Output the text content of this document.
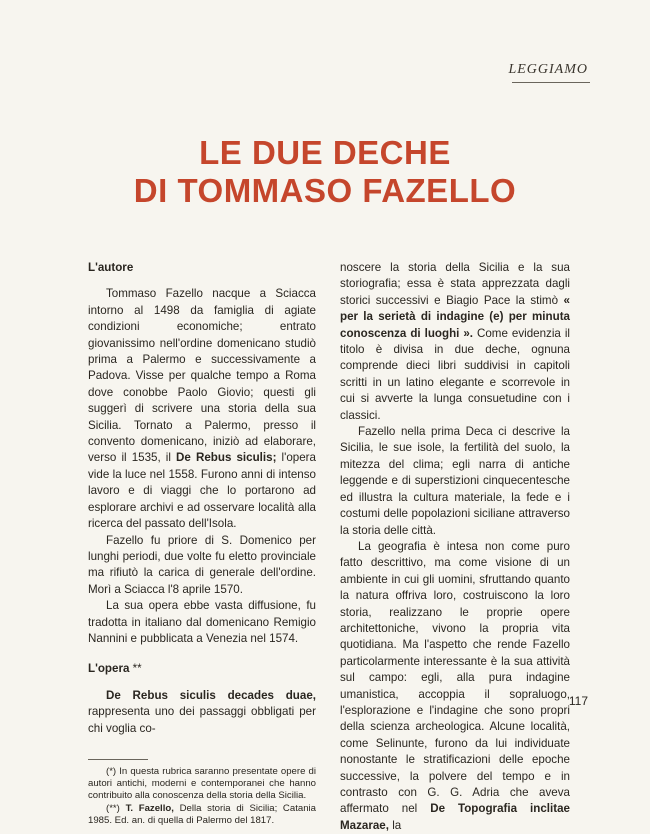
LEGGIAMO
LE DUE DECHE
DI TOMMASO FAZELLO
L'autore

Tommaso Fazello nacque a Sciacca intorno al 1498 da famiglia di agiate condizioni economiche; entrato giovanissimo nell'ordine domenicano studiò prima a Palermo e successivamente a Padova. Visse per qualche tempo a Roma dove conobbe Paolo Giovio; questi gli suggerì di scrivere una storia della sua Sicilia. Tornato a Palermo, presso il convento domenicano, iniziò ad elaborare, verso il 1535, il De Rebus siculis; l'opera vide la luce nel 1558. Furono anni di intenso lavoro e di viaggi che lo portarono ad esplorare archivi e ad osservare località alla ricerca del passato dell'Isola.

Fazello fu priore di S. Domenico per lunghi periodi, due volte fu eletto provinciale ma rifiutò la carica di generale dell'ordine. Morì a Sciacca l'8 aprile 1570.

La sua opera ebbe vasta diffusione, fu tradotta in italiano dal domenicano Remigio Nannini e pubblicata a Venezia nel 1574.

L'opera **

De Rebus siculis decades duae, rappresenta uno dei passaggi obbligati per chi voglia co-

(*) In questa rubrica saranno presentate opere di autori antichi, moderni e contemporanei che hanno contribuito alla conoscenza della storia della Sicilia.

(**) T. Fazello, Della storia di Sicilia; Catania 1985. Ed. an. di quella di Palermo del 1817.

noscere la storia della Sicilia e la sua storiografia; essa è stata apprezzata dagli storici successivi e Biagio Pace la stimò « per la serietà di indagine (e) per minuta conoscenza di luoghi ». Come evidenzia il titolo è divisa in due deche, ognuna comprende dieci libri suddivisi in capitoli scritti in un latino elegante e scorrevole in cui si avverte la lunga consuetudine con i classici.

Fazello nella prima Deca ci descrive la Sicilia, le sue isole, la fertilità del suolo, la mitezza del clima; egli narra di antiche leggende e di superstizioni cinquecentesche ed illustra la cultura materiale, la fede e i costumi delle popolazioni siciliane attraverso la storia delle città.

La geografia è intesa non come puro fatto descrittivo, ma come visione di un ambiente in cui gli uomini, sfruttando quanto la natura offriva loro, costruiscono la loro storia, realizzano le proprie opere architettoniche, vivono la propria vita quotidiana. Ma l'aspetto che rende Fazello particolarmente interessante è la sua attività sul campo: egli, alla pura indagine umanistica, accoppia il sopraluogo, l'esplorazione e l'indagine che sono propri della scienza archeologica. Alcune località, come Selinunte, furono da lui individuate nonostante le stratificazioni delle epoche successive, la polvere del tempo e in contrasto con G. G. Adria che aveva affermato nel De Topografia inclitae Mazarae, la

117
